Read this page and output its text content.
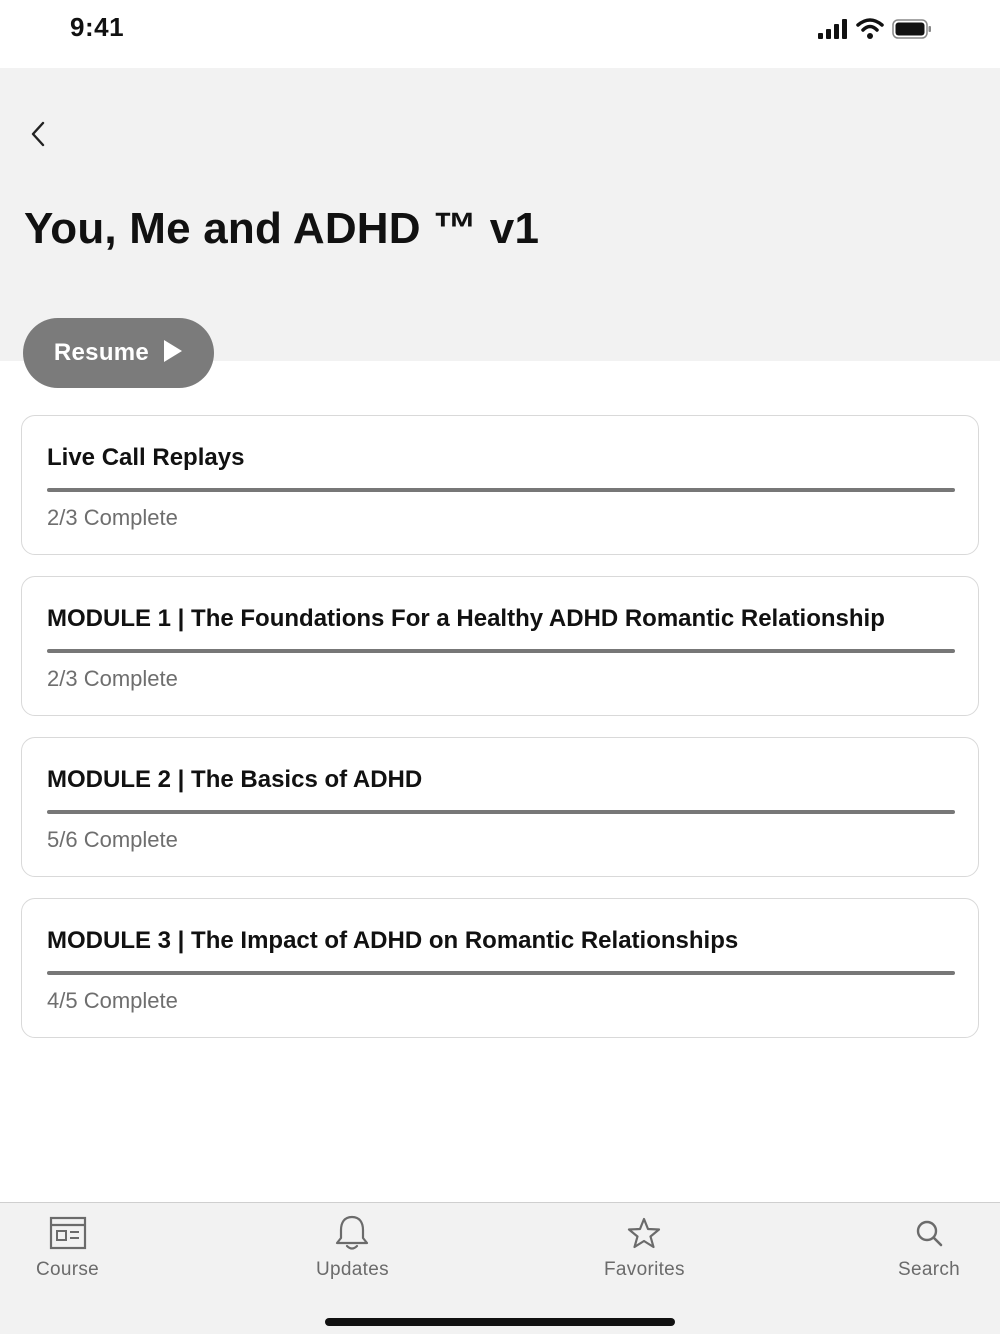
9:41
You, Me and ADHD ™ v1
Resume
Live Call Replays
2/3 Complete
MODULE 1 | The Foundations For a Healthy ADHD Romantic Relationship
2/3 Complete
MODULE 2 | The Basics of ADHD
5/6 Complete
MODULE 3 | The Impact of ADHD on Romantic Relationships
4/5 Complete
Course	Updates	Favorites	Search
